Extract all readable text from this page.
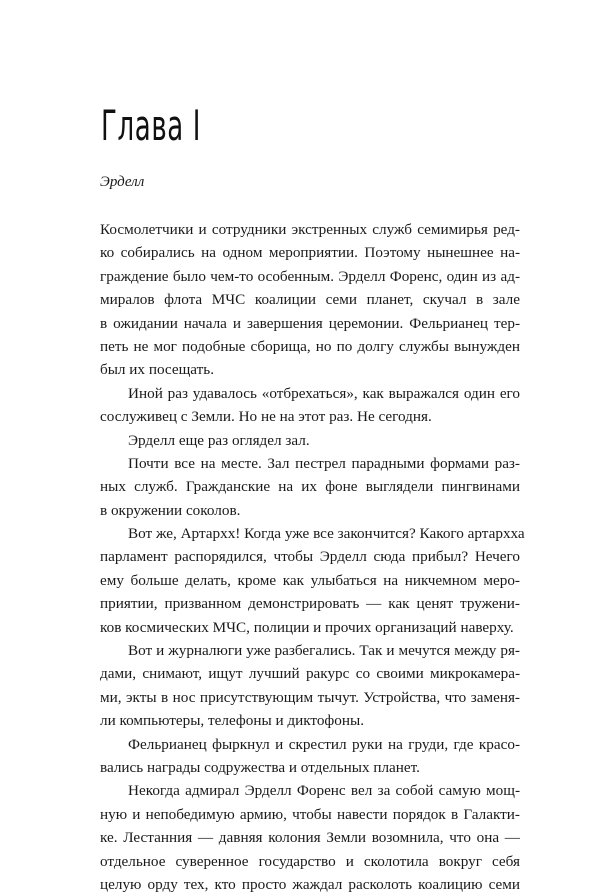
Глава I
Эрделл
Космолетчики и сотрудники экстренных служб семимирья ред-
ко собирались на одном мероприятии. Поэтому нынешнее на-
граждение было чем-то особенным. Эрделл Форенс, один из ад-
миралов флота МЧС коалиции семи планет, скучал в зале
в ожидании начала и завершения церемонии. Фельрианец тер-
петь не мог подобные сборища, но по долгу службы вынужден
был их посещать.
Иной раз удавалось «отбрехаться», как выражался один его
сослуживец с Земли. Но не на этот раз. Не сегодня.
Эрделл еще раз оглядел зал.
Почти все на месте. Зал пестрел парадными формами раз-
ных служб. Гражданские на их фоне выглядели пингвинами
в окружении соколов.
Вот же, Артархх! Когда уже все закончится? Какого артархха
парламент распорядился, чтобы Эрделл сюда прибыл? Нечего
ему больше делать, кроме как улыбаться на никчемном меро-
приятии, призванном демонстрировать — как ценят тружени-
ков космических МЧС, полиции и прочих организаций наверху.
Вот и журналюги уже разбегались. Так и мечутся между ря-
дами, снимают, ищут лучший ракурс со своими микрокамера-
ми, экты в нос присутствующим тычут. Устройства, что заменя-
ли компьютеры, телефоны и диктофоны.
Фельрианец фыркнул и скрестил руки на груди, где красо-
вались награды содружества и отдельных планет.
Некогда адмирал Эрделл Форенс вел за собой самую мощ-
ную и непобедимую армию, чтобы навести порядок в Галакти-
ке. Лестанния — давняя колония Земли возомнила, что она —
отдельное суверенное государство и сколотила вокруг себя
целую орду тех, кто просто жаждал расколоть коалицию семи
